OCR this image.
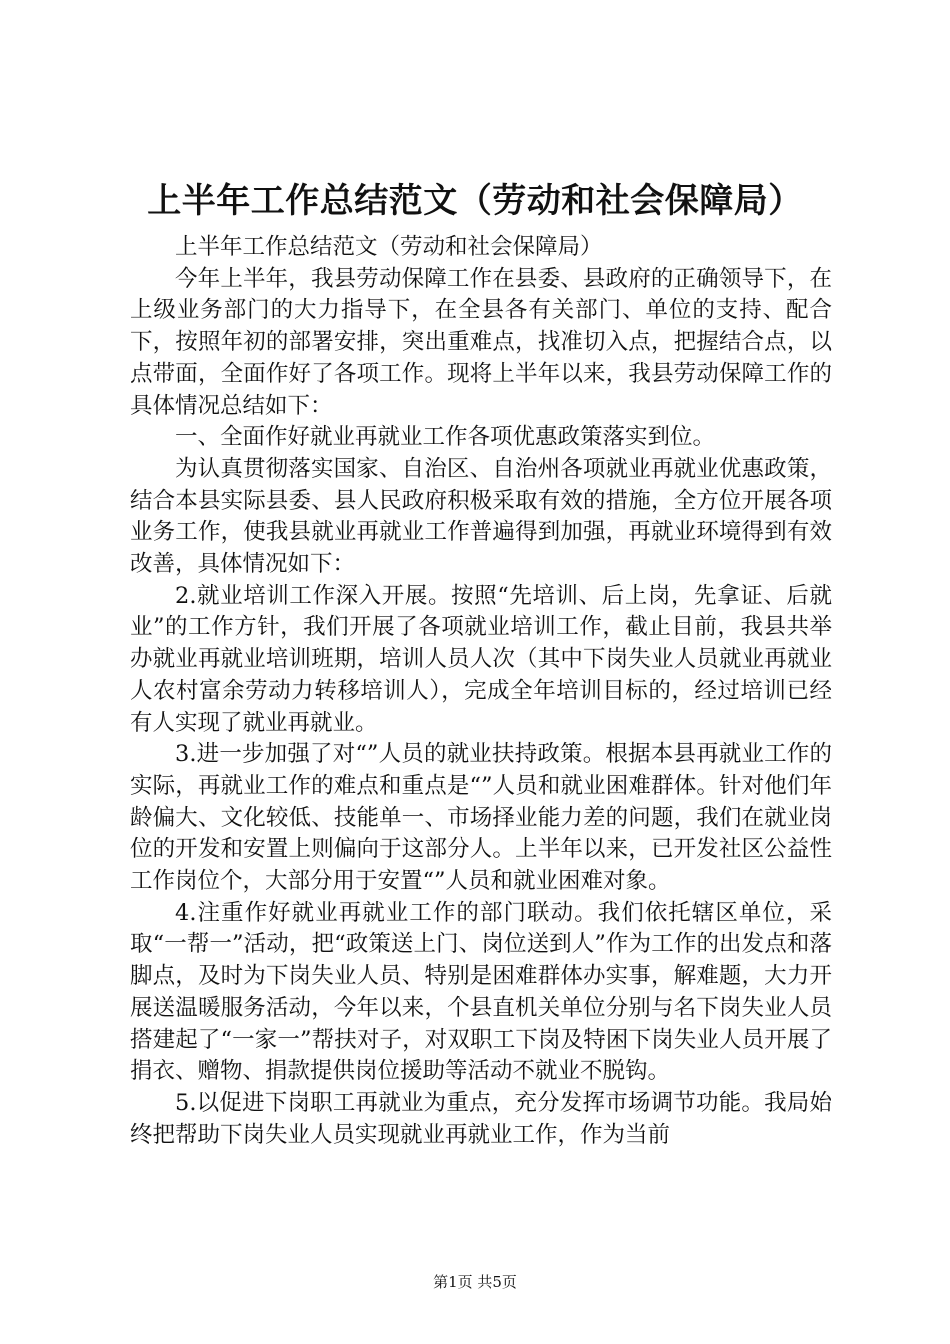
上半年工作总结范文（劳动和社会保障局）

上半年工作总结范文（劳动和社会保障局）

今年上半年，我县劳动保障工作在县委、县政府的正确领导下，在上级业务部门的大力指导下，在全县各有关部门、单位的支持、配合下，按照年初的部署安排，突出重难点，找准切入点，把握结合点，以点带面，全面作好了各项工作。现将上半年以来，我县劳动保障工作的具体情况总结如下：

一、全面作好就业再就业工作各项优惠政策落实到位。

为认真贯彻落实国家、自治区、自治州各项就业再就业优惠政策，结合本县实际县委、县人民政府积极采取有效的措施，全方位开展各项业务工作，使我县就业再就业工作普遍得到加强，再就业环境得到有效改善，具体情况如下：

2.就业培训工作深入开展。按照“先培训、后上岗，先拿证、后就业”的工作方针，我们开展了各项就业培训工作，截止目前，我县共举办就业再就业培训班期，培训人员人次（其中下岗失业人员就业再就业人农村富余劳动力转移培训人），完成全年培训目标的，经过培训已经有人实现了就业再就业。

3.进一步加强了对“”人员的就业扶持政策。根据本县再就业工作的实际，再就业工作的难点和重点是“”人员和就业困难群体。针对他们年龄偏大、文化较低、技能单一、市场择业能力差的问题，我们在就业岗位的开发和安置上则偏向于这部分人。上半年以来，已开发社区公益性工作岗位个，大部分用于安置“”人员和就业困难对象。

4.注重作好就业再就业工作的部门联动。我们依托辖区单位，采取“一帮一”活动，把“政策送上门、岗位送到人”作为工作的出发点和落脚点，及时为下岗失业人员、特别是困难群体办实事，解难题，大力开展送温暖服务活动，今年以来，个县直机关单位分别与名下岗失业人员搭建起了“一家一”帮扶对子，对双职工下岗及特困下岗失业人员开展了捐衣、赠物、捐款提供岗位援助等活动不就业不脱钩。

5.以促进下岗职工再就业为重点，充分发挥市场调节功能。我局始终把帮助下岗失业人员实现就业再就业工作，作为当前

第1页 共5页
